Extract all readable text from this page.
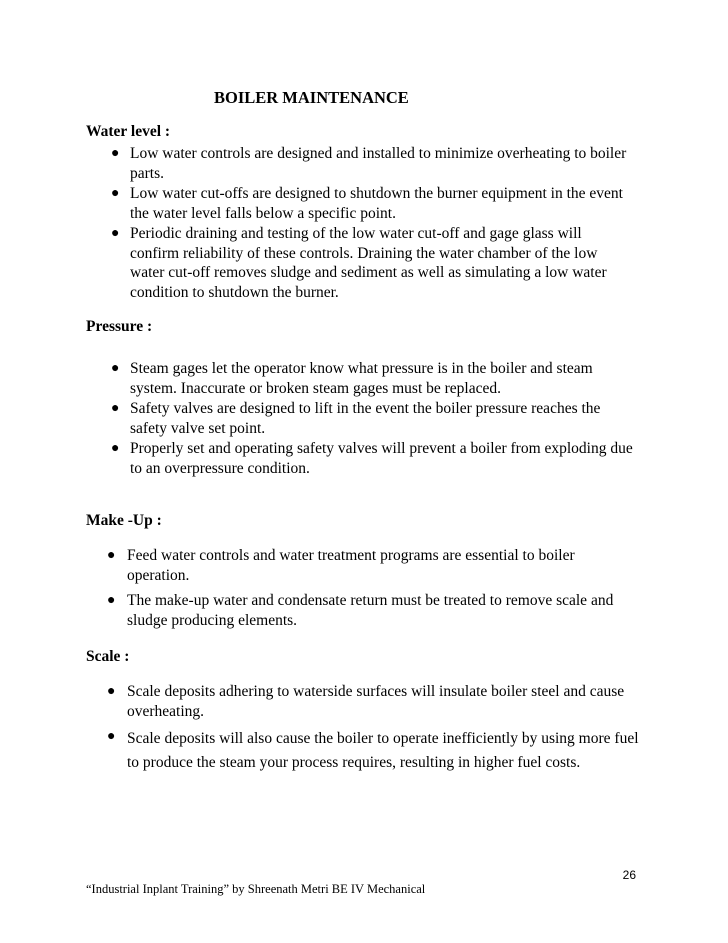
BOILER MAINTENANCE
Water level :
● Low water controls are designed and installed to minimize overheating to boiler parts.
● Low water cut-offs are designed to shutdown the burner equipment in the event the water level falls below a specific point.
● Periodic draining and testing of the low water cut-off and gage glass will confirm reliability of these controls. Draining the water chamber of the low water cut-off removes sludge and sediment as well as simulating a low water condition to shutdown the burner.
Pressure :
● Steam gages let the operator know what pressure is in the boiler and steam system. Inaccurate or broken steam gages must be replaced.
● Safety valves are designed to lift in the event the boiler pressure reaches the safety valve set point.
● Properly set and operating safety valves will prevent a boiler from exploding due to an overpressure condition.
Make -Up :
● Feed water controls and water treatment programs are essential to boiler operation.
● The make-up water and condensate return must be treated to remove scale and sludge producing elements.
Scale :
● Scale deposits adhering to waterside surfaces will insulate boiler steel and cause overheating.
● Scale deposits will also cause the boiler to operate inefficiently by using more fuel to produce the steam your process requires, resulting in higher fuel costs.
26
“Industrial Inplant Training” by Shreenath Metri BE IV Mechanical
